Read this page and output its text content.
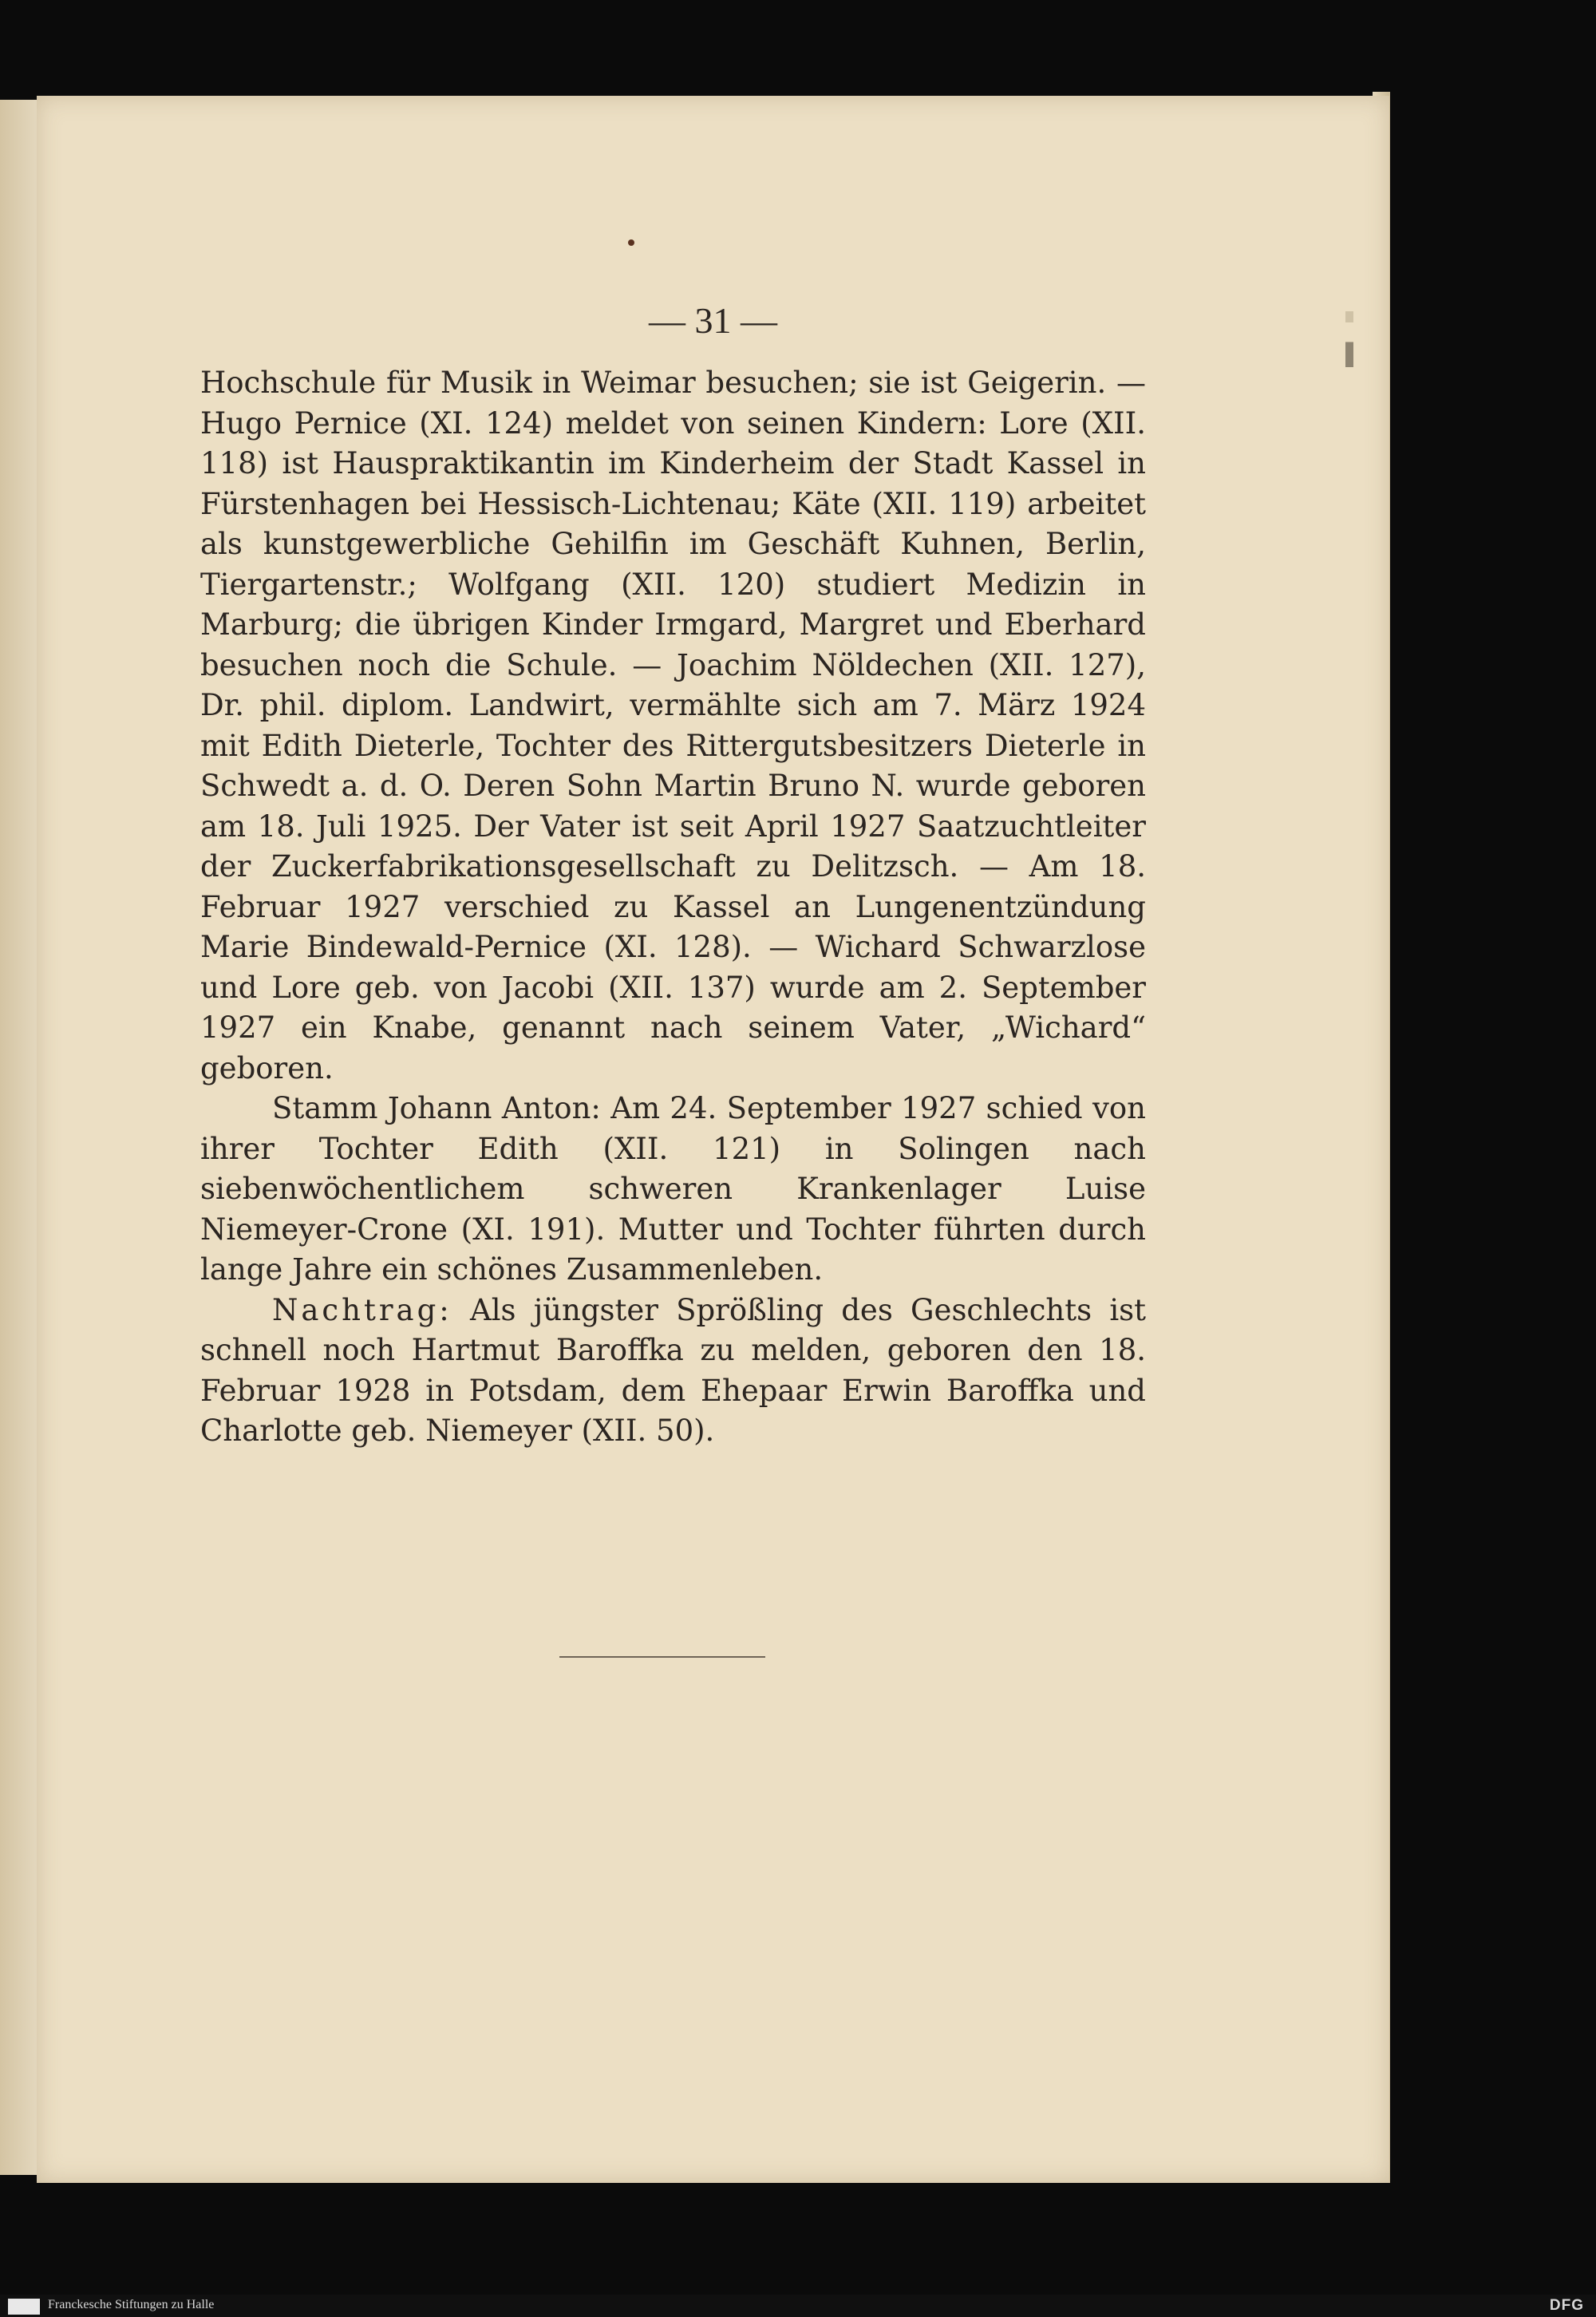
— 31 —

Hochschule für Musik in Weimar besuchen; sie ist Geigerin. — Hugo Pernice (XI. 124) meldet von seinen Kindern: Lore (XII. 118) ist Hauspraktikantin im Kinderheim der Stadt Kassel in Fürstenhagen bei Hessisch-Lichtenau; Käte (XII. 119) arbeitet als kunstgewerbliche Gehilfin im Geschäft Kuhnen, Berlin, Tiergartenstr.; Wolfgang (XII. 120) studiert Medizin in Marburg; die übrigen Kinder Irmgard, Margret und Eberhard besuchen noch die Schule. — Joachim Nöldechen (XII. 127), Dr. phil. diplom. Landwirt, vermählte sich am 7. März 1924 mit Edith Dieterle, Tochter des Rittergutsbesitzers Dieterle in Schwedt a. d. O. Deren Sohn Martin Bruno N. wurde geboren am 18. Juli 1925. Der Vater ist seit April 1927 Saatzuchtleiter der Zuckerfabrikationsgesellschaft zu Delitzsch. — Am 18. Februar 1927 verschied zu Kassel an Lungenentzündung Marie Bindewald-Pernice (XI. 128). — Wichard Schwarzlose und Lore geb. von Jacobi (XII. 137) wurde am 2. September 1927 ein Knabe, genannt nach seinem Vater, „Wichard“ geboren.

Stamm Johann Anton: Am 24. September 1927 schied von ihrer Tochter Edith (XII. 121) in Solingen nach siebenwöchentlichem schweren Krankenlager Luise Niemeyer-Crone (XI. 191). Mutter und Tochter führten durch lange Jahre ein schönes Zusammenleben.

Nachtrag: Als jüngster Sprößling des Geschlechts ist schnell noch Hartmut Baroffka zu melden, geboren den 18. Februar 1928 in Potsdam, dem Ehepaar Erwin Baroffka und Charlotte geb. Niemeyer (XII. 50).

Franckesche Stiftungen zu Halle	DFG
